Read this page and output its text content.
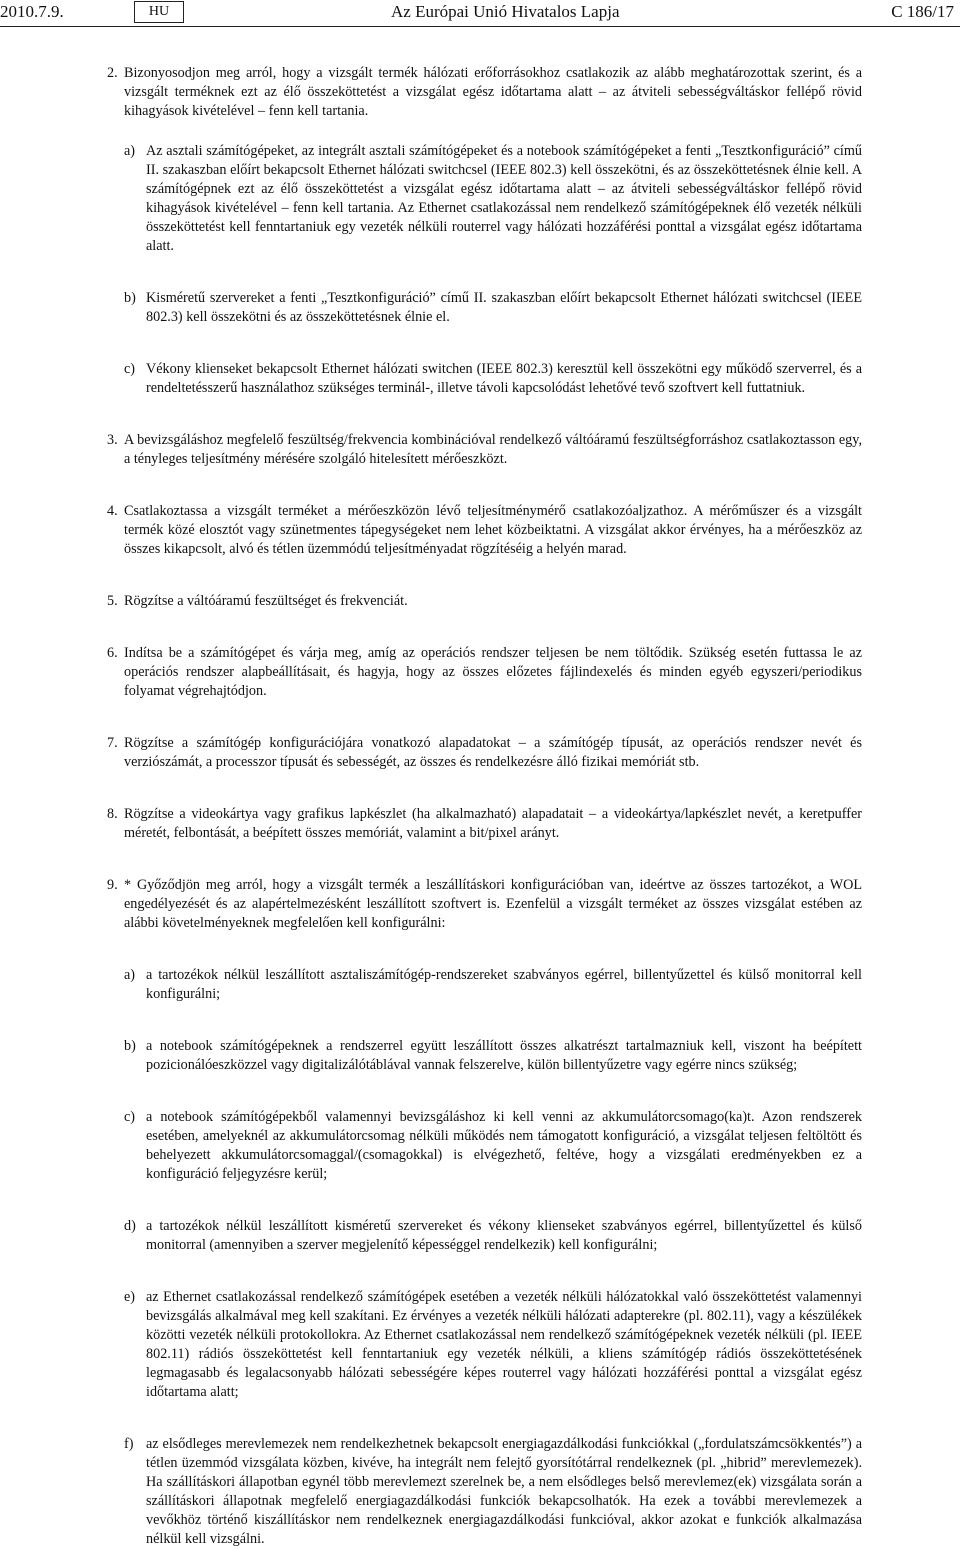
2010.7.9.	HU	Az Európai Unió Hivatalos Lapja	C 186/17
2. Bizonyosodjon meg arról, hogy a vizsgált termék hálózati erőforrásokhoz csatlakozik az alább meghatározottak szerint, és a vizsgált terméknek ezt az élő összeköttetést a vizsgálat egész időtartama alatt – az átviteli sebességváltáskor fellépő rövid kihagyások kivételével – fenn kell tartania.
a) Az asztali számítógépeket, az integrált asztali számítógépeket és a notebook számítógépeket a fenti „Tesztkonfiguráció” című II. szakaszban előírt bekapcsolt Ethernet hálózati switchcsel (IEEE 802.3) kell összekötni, és az összeköttetésnek élnie kell. A számítógépnek ezt az élő összeköttetést a vizsgálat egész időtartama alatt – az átviteli sebességváltáskor fellépő rövid kihagyások kivételével – fenn kell tartania. Az Ethernet csatlakozással nem rendelkező számítógépeknek élő vezeték nélküli összeköttetést kell fenntartaniuk egy vezeték nélküli routerrel vagy hálózati hozzáférési ponttal a vizsgálat egész időtartama alatt.
b) Kisméretű szervereket a fenti „Tesztkonfiguráció” című II. szakaszban előírt bekapcsolt Ethernet hálózati switchcsel (IEEE 802.3) kell összekötni és az összeköttetésnek élnie el.
c) Vékony klienseket bekapcsolt Ethernet hálózati switchen (IEEE 802.3) keresztül kell összekötni egy működő szerverrel, és a rendeltetésszerű használathoz szükséges terminál-, illetve távoli kapcsolódást lehetővé tevő szoftvert kell futtatniuk.
3. A bevizsgáláshoz megfelelő feszültség/frekvencia kombinációval rendelkező váltóáramú feszültségforráshoz csatlakoztasson egy, a tényleges teljesítmény mérésére szolgáló hitelesített mérőeszközt.
4. Csatlakoztassa a vizsgált terméket a mérőeszközön lévő teljesítménymérő csatlakozóaljzathoz. A mérőműszer és a vizsgált termék közé elosztót vagy szünetmentes tápegységeket nem lehet közbeiktatni. A vizsgálat akkor érvényes, ha a mérőeszköz az összes kikapcsolt, alvó és tétlen üzemmódú teljesítményadat rögzítéséig a helyén marad.
5. Rögzítse a váltóáramú feszültséget és frekvenciát.
6. Indítsa be a számítógépet és várja meg, amíg az operációs rendszer teljesen be nem töltődik. Szükség esetén futtassa le az operációs rendszer alapbeállításait, és hagyja, hogy az összes előzetes fájlindexelés és minden egyéb egyszeri/periodikus folyamat végrehajtódjon.
7. Rögzítse a számítógép konfigurációjára vonatkozó alapadatokat – a számítógép típusát, az operációs rendszer nevét és verziószámát, a processzor típusát és sebességét, az összes és rendelkezésre álló fizikai memóriát stb.
8. Rögzítse a videokártya vagy grafikus lapkészlet (ha alkalmazható) alapadatait – a videokártya/lapkészlet nevét, a keretpuffer méretét, felbontását, a beépített összes memóriát, valamint a bit/pixel arányt.
9. * Győződjön meg arról, hogy a vizsgált termék a leszállításkori konfigurációban van, ideértve az összes tartozékot, a WOL engedélyezését és az alapértelmezésként leszállított szoftvert is. Ezenfelül a vizsgált terméket az összes vizsgálat estében az alábbi követelményeknek megfelelően kell konfigurálni:
a) a tartozékok nélkül leszállított asztaliszámítógép-rendszereket szabványos egérrel, billentyűzettel és külső monitorral kell konfigurálni;
b) a notebook számítógépeknek a rendszerrel együtt leszállított összes alkatrészt tartalmazniuk kell, viszont ha beépített pozicionálóeszközzel vagy digitalizálótáblával vannak felszerelve, külön billentyűzetre vagy egérre nincs szükség;
c) a notebook számítógépekből valamennyi bevizsgáláshoz ki kell venni az akkumulátorcsomago(ka)t. Azon rendszerek esetében, amelyeknél az akkumulátorcsomag nélküli működés nem támogatott konfiguráció, a vizsgálat teljesen feltöltött és behelyezett akkumulátorcsomaggal/(csomagokkal) is elvégezhető, feltéve, hogy a vizsgálati eredményekben ez a konfiguráció feljegyzésre kerül;
d) a tartozékok nélkül leszállított kisméretű szervereket és vékony klienseket szabványos egérrel, billentyűzettel és külső monitorral (amennyiben a szerver megjelenítő képességgel rendelkezik) kell konfigurálni;
e) az Ethernet csatlakozással rendelkező számítógépek esetében a vezeték nélküli hálózatokkal való összeköttetést valamennyi bevizsgálás alkalmával meg kell szakítani. Ez érvényes a vezeték nélküli hálózati adapterekre (pl. 802.11), vagy a készülékek közötti vezeték nélküli protokollokra. Az Ethernet csatlakozással nem rendelkező számítógépeknek vezeték nélküli (pl. IEEE 802.11) rádiós összeköttetést kell fenntartaniuk egy vezeték nélküli, a kliens számítógép rádiós összeköttetésének legmagasabb és legalacsonyabb hálózati sebességére képes routerrel vagy hálózati hozzáférési ponttal a vizsgálat egész időtartama alatt;
f) az elsődleges merevlemezek nem rendelkezhetnek bekapcsolt energiagazdálkodási funkciókkal („fordulatszámcsökkentés”) a tétlen üzemmód vizsgálata közben, kivéve, ha integrált nem felejtő gyorsítótárral rendelkeznek (pl. „hibrid” merevlemezek). Ha szállításkori állapotban egynél több merevlemezt szerelnek be, a nem elsődleges belső merevlemez(ek) vizsgálata során a szállításkori állapotnak megfelelő energiagazdálkodási funkciók bekapcsolhatók. Ha ezek a további merevlemezek a vevőkhöz történő kiszállításkor nem rendelkeznek energiagazdálkodási funkcióval, akkor azokat e funkciók alkalmazása nélkül kell vizsgálni.
